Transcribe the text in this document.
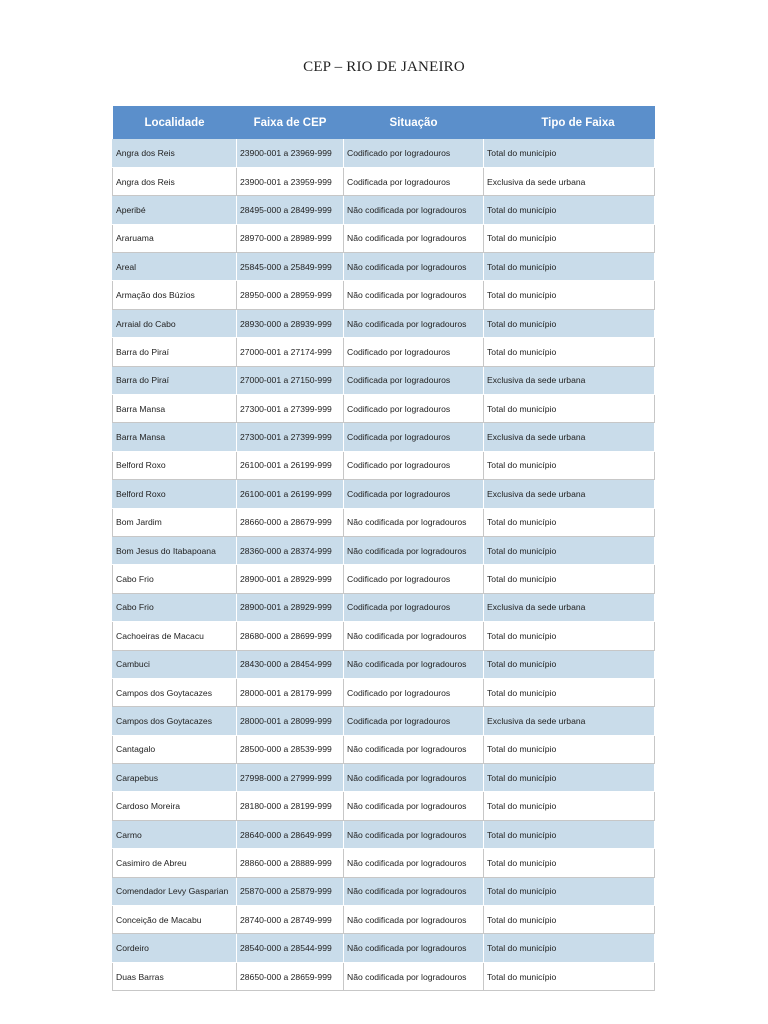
CEP – RIO DE JANEIRO
Localidade	Faixa de CEP	Situação	Tipo de Faixa
Angra dos Reis	23900-001 a 23969-999	Codificado por logradouros	Total do município
Angra dos Reis	23900-001 a 23959-999	Codificada por logradouros	Exclusiva da sede urbana
Aperibé	28495-000 a 28499-999	Não codificada por logradouros	Total do município
Araruama	28970-000 a 28989-999	Não codificada por logradouros	Total do município
Areal	25845-000 a 25849-999	Não codificada por logradouros	Total do município
Armação dos Búzios	28950-000 a 28959-999	Não codificada por logradouros	Total do município
Arraial do Cabo	28930-000 a 28939-999	Não codificada por logradouros	Total do município
Barra do Piraí	27000-001 a 27174-999	Codificado por logradouros	Total do município
Barra do Piraí	27000-001 a 27150-999	Codificada por logradouros	Exclusiva da sede urbana
Barra Mansa	27300-001 a 27399-999	Codificado por logradouros	Total do município
Barra Mansa	27300-001 a 27399-999	Codificada por logradouros	Exclusiva da sede urbana
Belford Roxo	26100-001 a 26199-999	Codificado por logradouros	Total do município
Belford Roxo	26100-001 a 26199-999	Codificada por logradouros	Exclusiva da sede urbana
Bom Jardim	28660-000 a 28679-999	Não codificada por logradouros	Total do município
Bom Jesus do Itabapoana	28360-000 a 28374-999	Não codificada por logradouros	Total do município
Cabo Frio	28900-001 a 28929-999	Codificado por logradouros	Total do município
Cabo Frio	28900-001 a 28929-999	Codificada por logradouros	Exclusiva da sede urbana
Cachoeiras de Macacu	28680-000 a 28699-999	Não codificada por logradouros	Total do município
Cambuci	28430-000 a 28454-999	Não codificada por logradouros	Total do município
Campos dos Goytacazes	28000-001 a 28179-999	Codificado por logradouros	Total do município
Campos dos Goytacazes	28000-001 a 28099-999	Codificada por logradouros	Exclusiva da sede urbana
Cantagalo	28500-000 a 28539-999	Não codificada por logradouros	Total do município
Carapebus	27998-000 a 27999-999	Não codificada por logradouros	Total do município
Cardoso Moreira	28180-000 a 28199-999	Não codificada por logradouros	Total do município
Carmo	28640-000 a 28649-999	Não codificada por logradouros	Total do município
Casimiro de Abreu	28860-000 a 28889-999	Não codificada por logradouros	Total do município
Comendador Levy Gasparian	25870-000 a 25879-999	Não codificada por logradouros	Total do município
Conceição de Macabu	28740-000 a 28749-999	Não codificada por logradouros	Total do município
Cordeiro	28540-000 a 28544-999	Não codificada por logradouros	Total do município
Duas Barras	28650-000 a 28659-999	Não codificada por logradouros	Total do município
